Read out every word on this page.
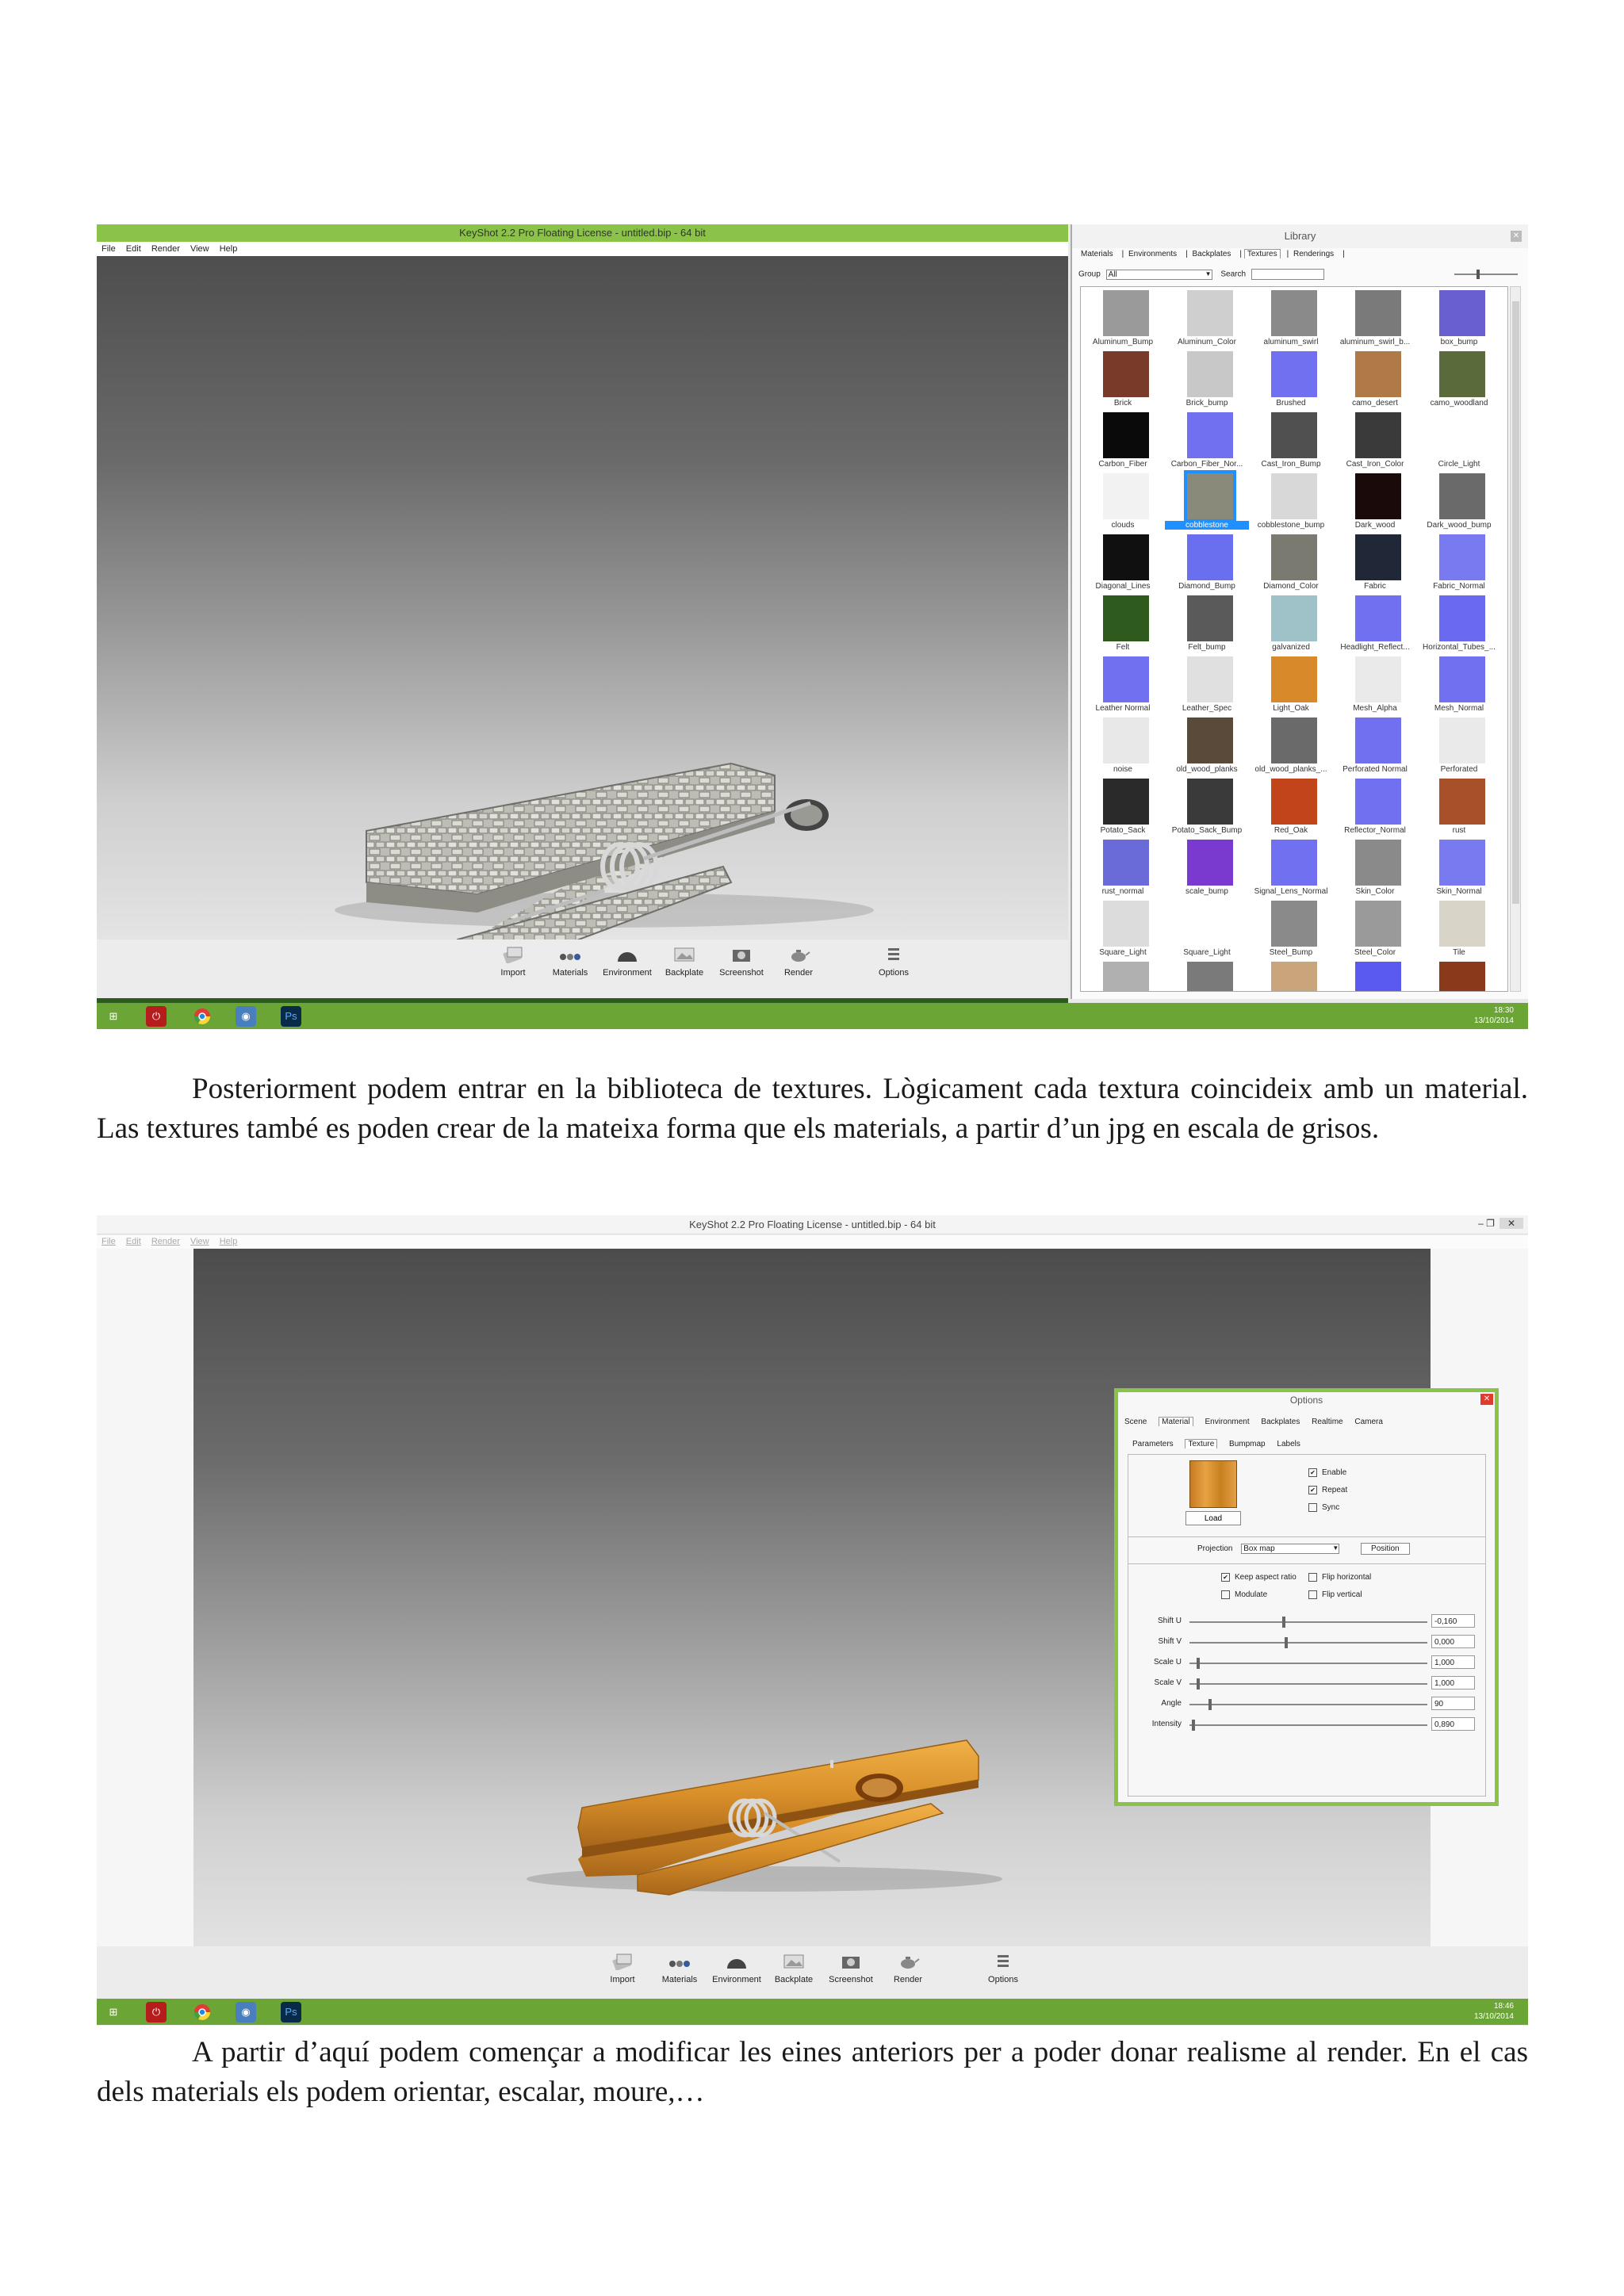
KeyShot 2.2 Pro Floating License - untitled.bip - 64 bit
File Edit Render View Help
Import	Materials	Environment	Backplate	Screenshot	Render	Options
Library	✕
Materials | Environments | Backplates | Textures | Renderings |
Group All	▼ Search
Aluminum_Bump	Aluminum_Color	aluminum_swirl	aluminum_swirl_b...	box_bump
Brick	Brick_bump	Brushed	camo_desert	camo_woodland
Carbon_Fiber	Carbon_Fiber_Nor...	Cast_Iron_Bump	Cast_Iron_Color	Circle_Light
clouds	cobblestone	cobblestone_bump	Dark_wood	Dark_wood_bump
Diagonal_Lines	Diamond_Bump	Diamond_Color	Fabric	Fabric_Normal
Felt	Felt_bump	galvanized	Headlight_Reflect...	Horizontal_Tubes_...
Leather Normal	Leather_Spec	Light_Oak	Mesh_Alpha	Mesh_Normal
noise	old_wood_planks	old_wood_planks_...	Perforated Normal	Perforated
Potato_Sack	Potato_Sack_Bump	Red_Oak	Reflector_Normal	rust
rust_normal	scale_bump	Signal_Lens_Normal	Skin_Color	Skin_Normal
Square_Light	Square_Light	Steel_Bump	Steel_Color	Tile
⊞	⏻	◉	Ps	18:30
13/10/2014
Posteriorment podem entrar en la biblioteca de textures. Lògicament cada textura coincideix amb un material. Las textures també es poden crear de la mateixa forma que els materials, a partir d’un jpg en escala de grisos.
KeyShot 2.2 Pro Floating License - untitled.bip - 64 bit	– ❐ ✕
File Edit Render View Help
Options	✕
Scene Material Environment Backplates Realtime Camera
Parameters Texture Bumpmap Labels
Load
✔ Enable
✔ Repeat
Sync
Projection Box map	▼	Position
✔ Keep aspect ratio	Flip horizontal
Modulate	Flip vertical
Shift U	-0,160
Shift V	0,000
Scale U	1,000
Scale V	1,000
Angle	90
Intensity	0,890
Import	Materials	Environment	Backplate	Screenshot	Render	Options
⊞	⏻	◉	Ps	18:46
13/10/2014
A partir d’aquí podem començar a modificar les eines anteriors per a poder donar realisme al render. En el cas dels materials els podem orientar, escalar, moure,…
